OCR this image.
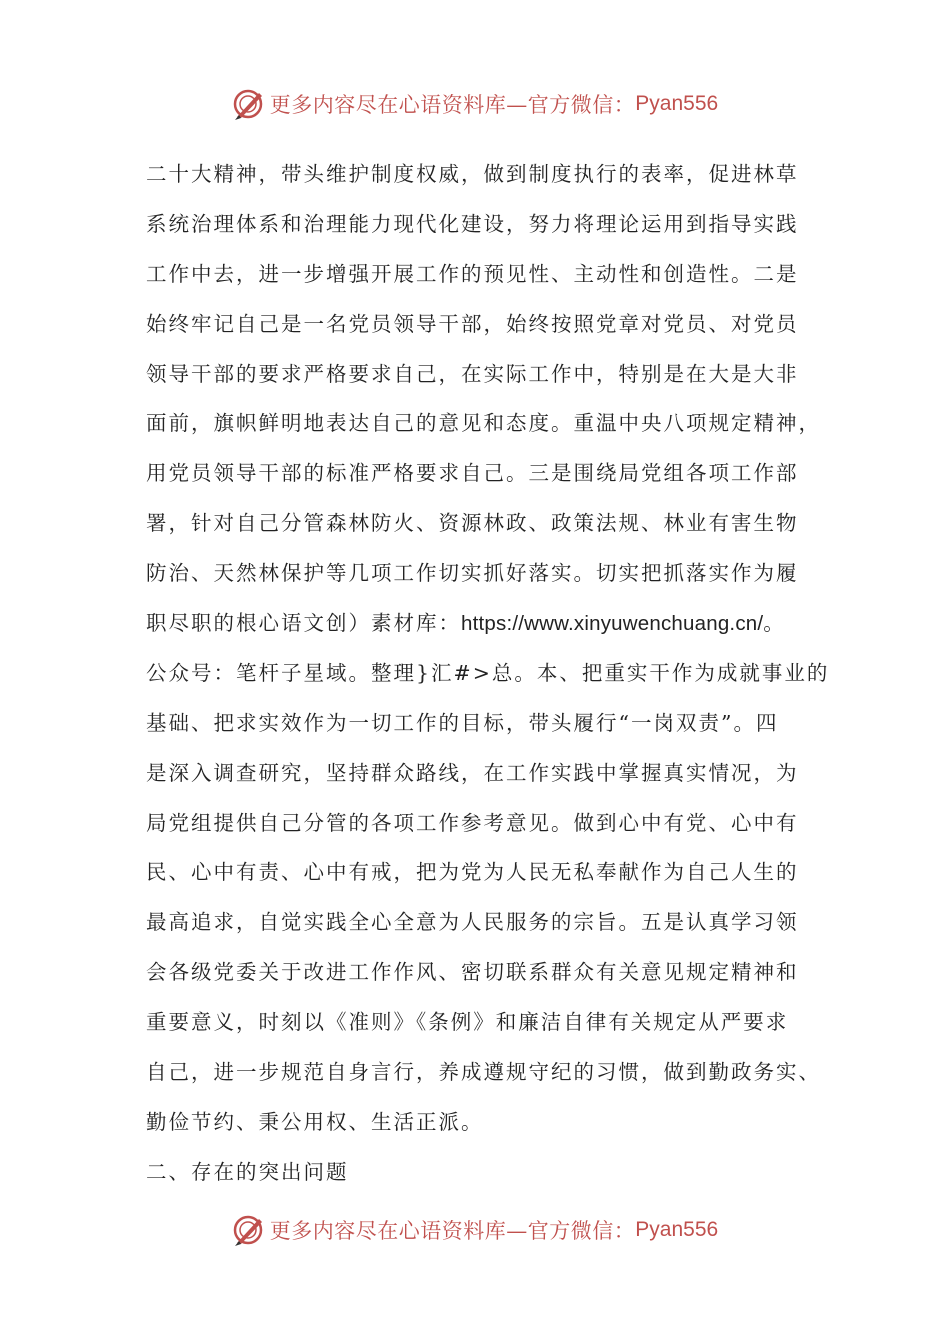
更多内容尽在心语资料库—官方微信： Pyan556
二十大精神，带头维护制度权威，做到制度执行的表率，促进林草
系统治理体系和治理能力现代化建设，努力将理论运用到指导实践
工作中去，进一步增强开展工作的预见性、主动性和创造性。二是
始终牢记自己是一名党员领导干部，始终按照党章对党员、对党员
领导干部的要求严格要求自己，在实际工作中，特别是在大是大非
面前，旗帜鲜明地表达自己的意见和态度。重温中央八项规定精神，
用党员领导干部的标准严格要求自己。三是围绕局党组各项工作部
署，针对自己分管森林防火、资源林政、政策法规、林业有害生物
防治、天然林保护等几项工作切实抓好落实。切实把抓落实作为履
职尽职的根心语文创）素材库：https://www.xinyuwenchuang.cn/。
公众号：笔杆子星域。整理}汇#>总。本、把重实干作为成就事业的
基础、把求实效作为一切工作的目标，带头履行“一岗双责”。四
是深入调查研究，坚持群众路线，在工作实践中掌握真实情况，为
局党组提供自己分管的各项工作参考意见。做到心中有党、心中有
民、心中有责、心中有戒，把为党为人民无私奉献作为自己人生的
最高追求，自觉实践全心全意为人民服务的宗旨。五是认真学习领
会各级党委关于改进工作作风、密切联系群众有关意见规定精神和
重要意义，时刻以《准则》《条例》和廉洁自律有关规定从严要求
自己，进一步规范自身言行，养成遵规守纪的习惯，做到勤政务实、
勤俭节约、秉公用权、生活正派。
二、存在的突出问题
更多内容尽在心语资料库—官方微信： Pyan556
